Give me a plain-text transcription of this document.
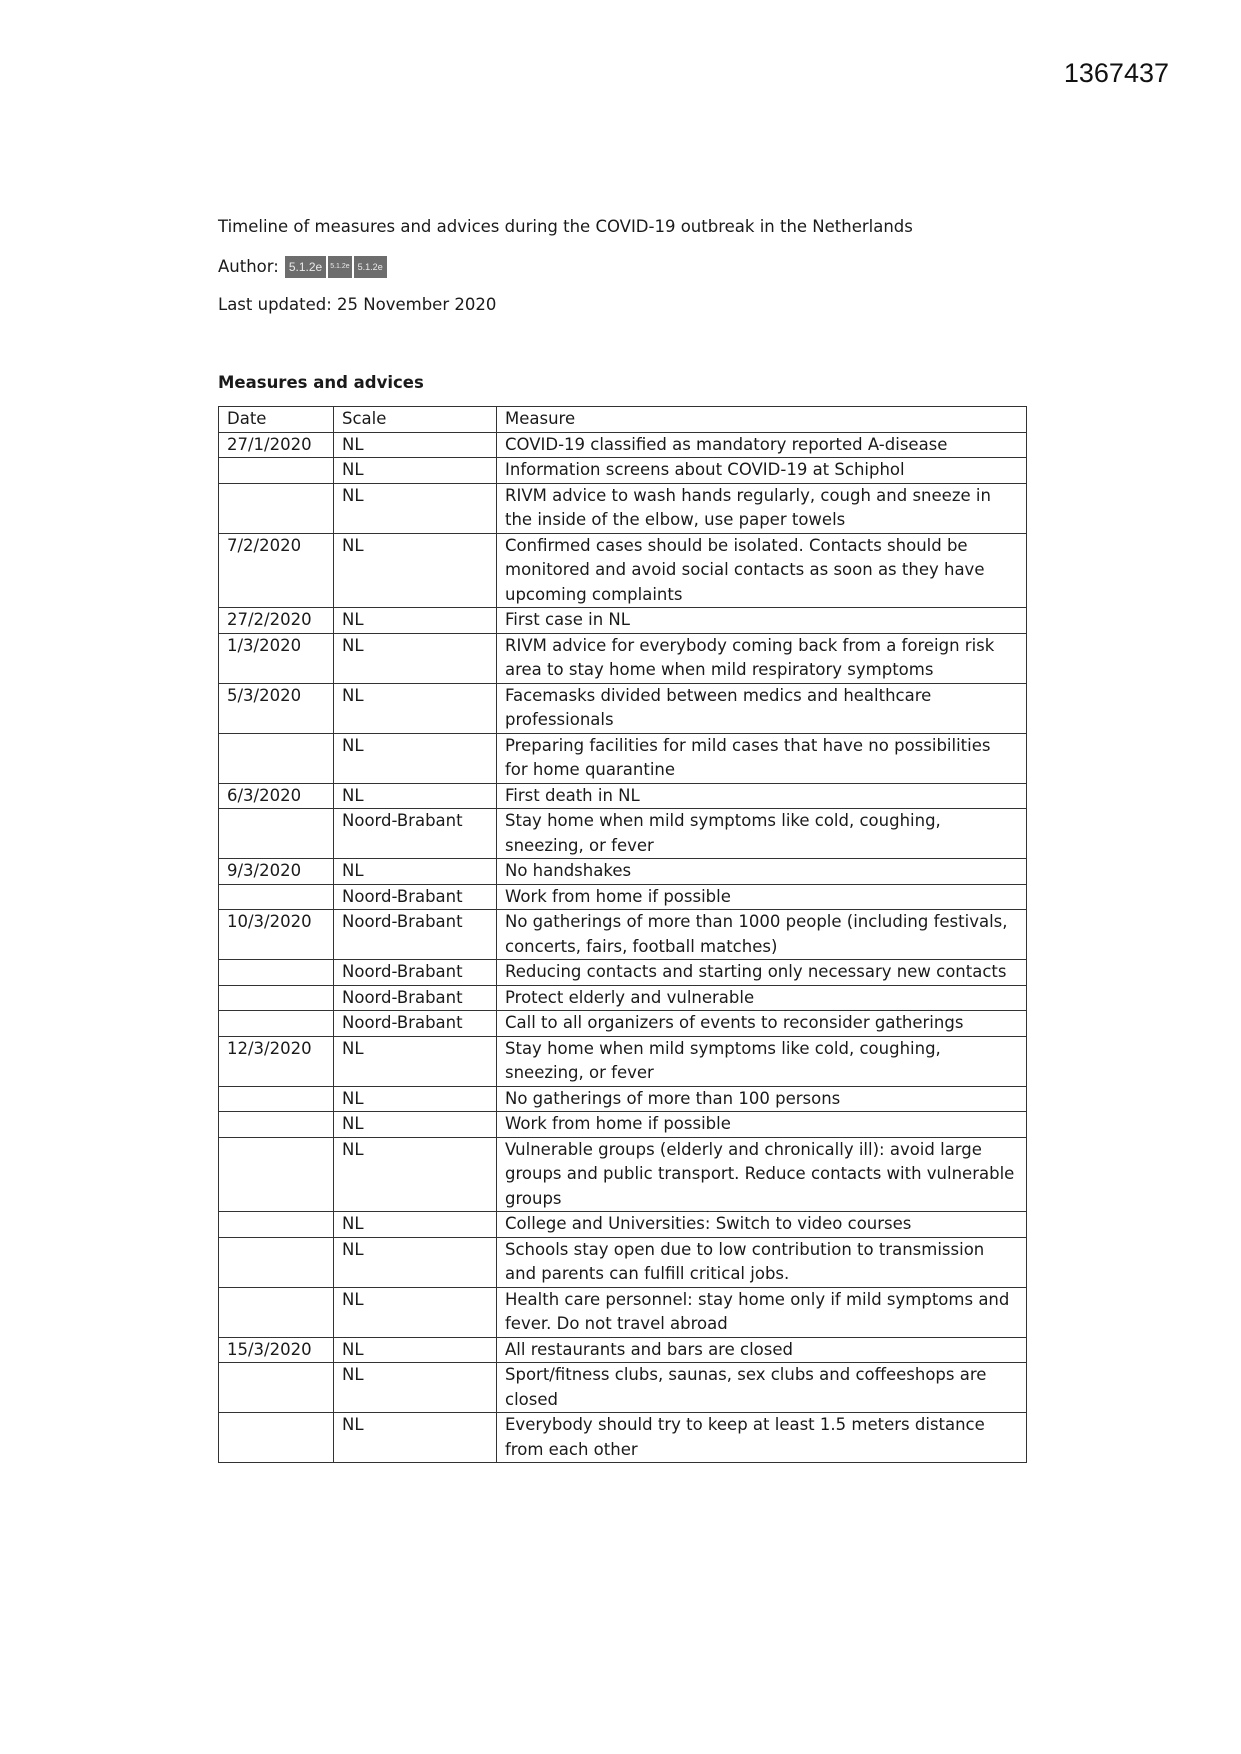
1367437

Timeline of measures and advices during the COVID-19 outbreak in the Netherlands

Author: 5.1.2e	5.1.2e 5.1.2e

Last updated: 25 November 2020

Measures and advices

Date	Scale	Measure
27/1/2020	NL	COVID-19 classified as mandatory reported A-disease
	NL	Information screens about COVID-19 at Schiphol
	NL	RIVM advice to wash hands regularly, cough and sneeze in the inside of the elbow, use paper towels
7/2/2020	NL	Confirmed cases should be isolated. Contacts should be monitored and avoid social contacts as soon as they have upcoming complaints
27/2/2020	NL	First case in NL
1/3/2020	NL	RIVM advice for everybody coming back from a foreign risk area to stay home when mild respiratory symptoms
5/3/2020	NL	Facemasks divided between medics and healthcare professionals
	NL	Preparing facilities for mild cases that have no possibilities for home quarantine
6/3/2020	NL	First death in NL
	Noord-Brabant	Stay home when mild symptoms like cold, coughing, sneezing, or fever
9/3/2020	NL	No handshakes
	Noord-Brabant	Work from home if possible
10/3/2020	Noord-Brabant	No gatherings of more than 1000 people (including festivals, concerts, fairs, football matches)
	Noord-Brabant	Reducing contacts and starting only necessary new contacts
	Noord-Brabant	Protect elderly and vulnerable
	Noord-Brabant	Call to all organizers of events to reconsider gatherings
12/3/2020	NL	Stay home when mild symptoms like cold, coughing, sneezing, or fever
	NL	No gatherings of more than 100 persons
	NL	Work from home if possible
	NL	Vulnerable groups (elderly and chronically ill): avoid large groups and public transport. Reduce contacts with vulnerable groups
	NL	College and Universities: Switch to video courses
	NL	Schools stay open due to low contribution to transmission and parents can fulfill critical jobs.
	NL	Health care personnel: stay home only if mild symptoms and fever. Do not travel abroad
15/3/2020	NL	All restaurants and bars are closed
	NL	Sport/fitness clubs, saunas, sex clubs and coffeeshops are closed
	NL	Everybody should try to keep at least 1.5 meters distance from each other
